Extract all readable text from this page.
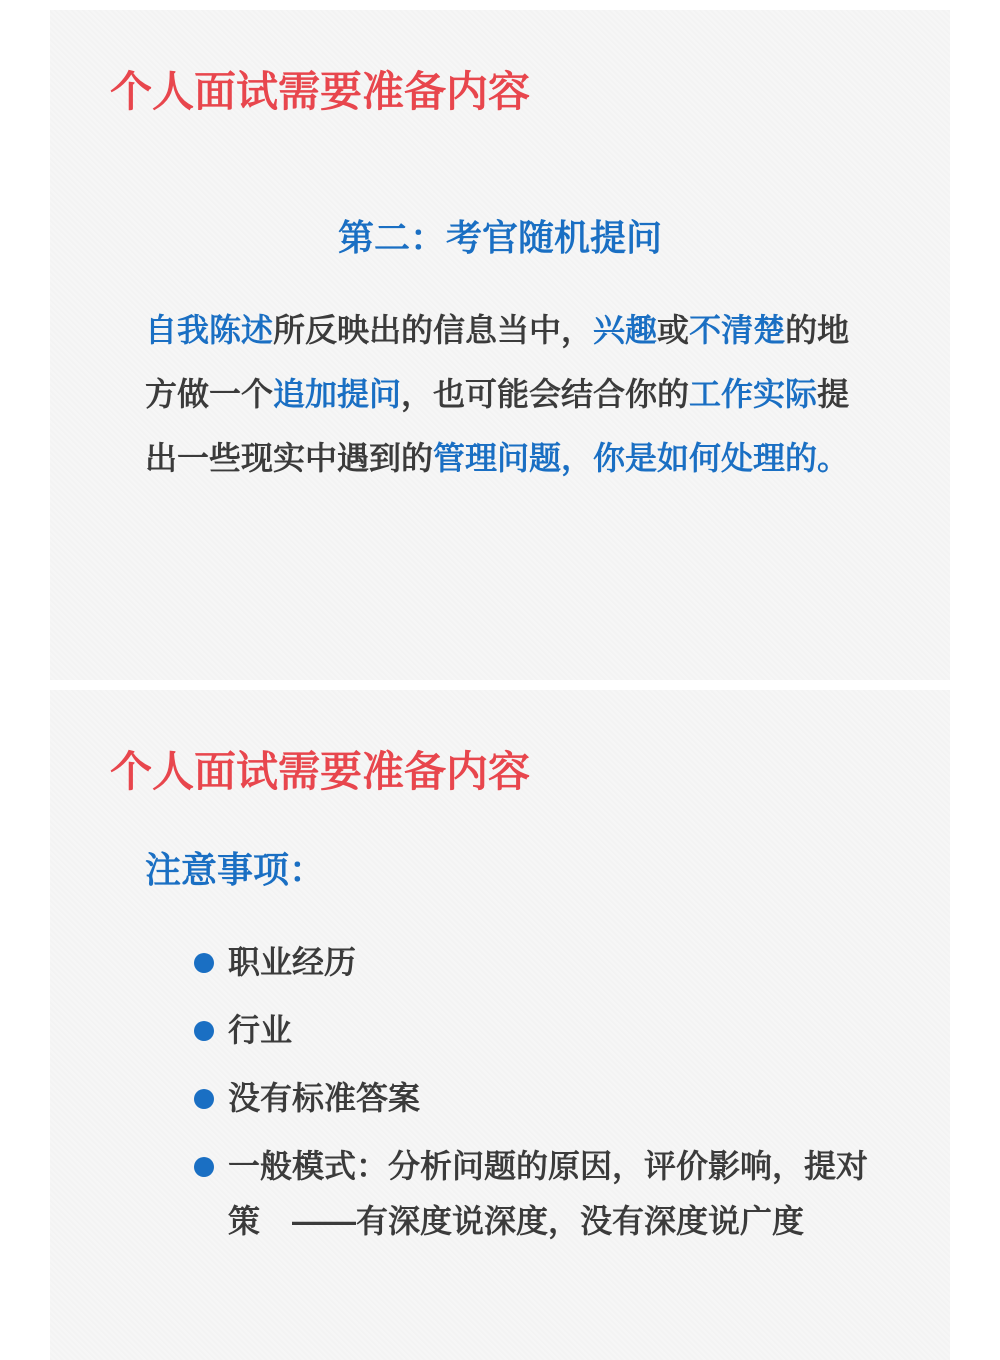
个人面试需要准备内容
第二：考官随机提问
自我陈述所反映出的信息当中，兴趣或不清楚的地
方做一个追加提问，也可能会结合你的工作实际提
出一些现实中遇到的管理问题，你是如何处理的。
个人面试需要准备内容
注意事项：
职业经历
行业
没有标准答案
一般模式：分析问题的原因，评价影响，提对
策　——有深度说深度，没有深度说广度
